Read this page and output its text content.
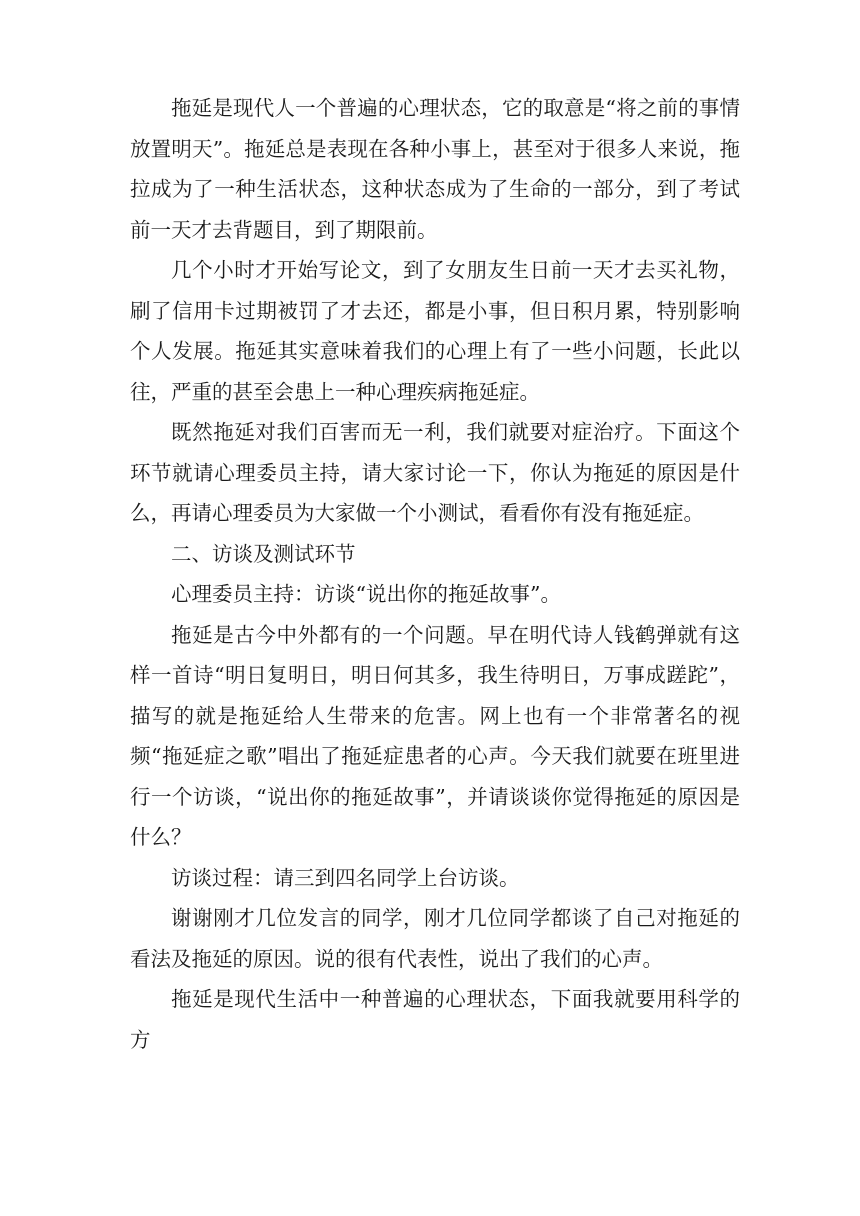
拖延是现代人一个普遍的心理状态，它的取意是“将之前的事情放置明天”。拖延总是表现在各种小事上，甚至对于很多人来说，拖拉成为了一种生活状态，这种状态成为了生命的一部分，到了考试前一天才去背题目，到了期限前。

几个小时才开始写论文，到了女朋友生日前一天才去买礼物，刷了信用卡过期被罚了才去还，都是小事，但日积月累，特别影响个人发展。拖延其实意味着我们的心理上有了一些小问题，长此以往，严重的甚至会患上一种心理疾病拖延症。

既然拖延对我们百害而无一利，我们就要对症治疗。下面这个环节就请心理委员主持，请大家讨论一下，你认为拖延的原因是什么，再请心理委员为大家做一个小测试，看看你有没有拖延症。

二、访谈及测试环节

心理委员主持：访谈“说出你的拖延故事”。

拖延是古今中外都有的一个问题。早在明代诗人钱鹤弹就有这样一首诗“明日复明日，明日何其多，我生待明日，万事成蹉跎”，描写的就是拖延给人生带来的危害。网上也有一个非常著名的视频“拖延症之歌”唱出了拖延症患者的心声。今天我们就要在班里进行一个访谈，“说出你的拖延故事”，并请谈谈你觉得拖延的原因是什么？

访谈过程：请三到四名同学上台访谈。

谢谢刚才几位发言的同学，刚才几位同学都谈了自己对拖延的看法及拖延的原因。说的很有代表性，说出了我们的心声。

拖延是现代生活中一种普遍的心理状态，下面我就要用科学的方
